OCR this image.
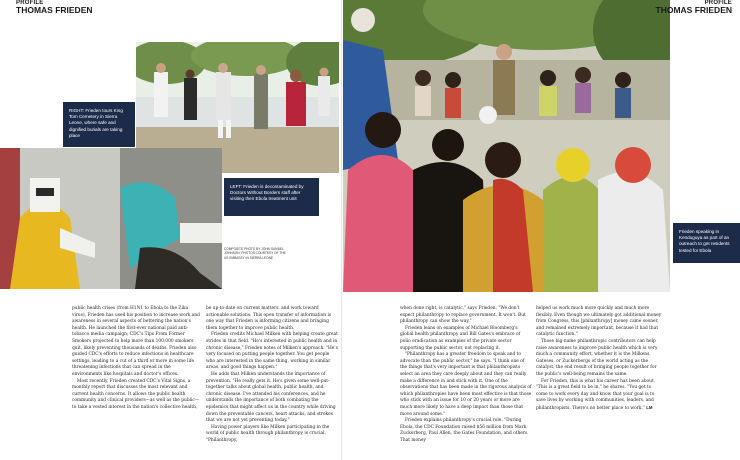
PROFILE
THOMAS FRIEDEN
RIGHT: Frieden tours King Tom Cemetery in Sierra Leone, where safe and dignified burials are taking place
LEFT: Frieden is decontaminated by Doctors Without Borders staff after visiting their Ebola treatment unit
COMPOSITE PHOTO BY JOHN SAMUEL JOHNSON; PHOTOS COURTESY OF THE US EMBASSY IN SIERRA LEONE

public health crises (from H1N1 to Ebola to the Zika virus), Frieden has used his position to increase work and awareness in several aspects of bettering the nation's health. He launched the first-ever national paid anti-tobacco media campaign; CDC's Tips From Former Smokers projected to help more than 100,000 smokers quit, likely preventing thousands of deaths. Frieden also guided CDC's efforts to reduce infections in healthcare settings, leading to a cut of a third or more in some life threatening infections that can spread in the environments like hospitals and doctor's offices.

Most recently, Frieden created CDC's Vital Signs, a monthly report that discusses the most relevant and current health concerns. It allows the public health community and clinical providers—as well as the public—to take a vested interest in the nation's collective health,

be up-to-date on current matters, and work toward actionable solutions. This open transfer of information is one way that Frieden is informing citizens and bringing them together to improve public health.

Frieden credits Michael Milken with helping create great strides in that field. "He's interested in public health and in chronic disease," Frieden notes of Milken's approach. "He's very focused on putting people together. You get people who are interested in the same thing, working in similar areas, and good things happen."

He adds that Milken understands the importance of prevention. "He really gets it. He's given some well-put-together talks about global health, public health, and chronic disease. I've attended his conferences, and he understands the importance of both combating the epidemics that might affect us in the country while driving down the preventable cancers, heart attacks, and strokes that we are not yet preventing today."

Having power players like Milken participating in the world of public health through philanthropy is crucial. "Philanthropy,

PROFILE
THOMAS FRIEDEN
Frieden speaking in Kenduguya as part of an outreach to get residents tested for Ebola

when done right, is catalytic," says Frieden. "We don't expect philanthropy to replace government. It won't. But philanthropy can show the way."

Frieden leans on examples of Michael Bloomberg's global health philanthropy and Bill Gates's embrace of polio eradication as examples of the private sector supporting the public sector, not replacing it.

"Philanthropy has a greater freedom to speak and to advocate than the public sector," he says. "I think one of the things that's very important is that philanthropists select an area they care deeply about and they can really make a difference in and stick with it. One of the observations that has been made in the rigorous analysis of which philanthropies have been most effective is that those who stick with an issue for 10 or 20 years or more are much more likely to have a deep impact than those that move around some."

Frieden explains philanthropy's crucial role. "During Ebola, the CDC Foundation raised $56 million from Mark Zuckerberg, Paul Allen, the Gates Foundation, and others. That money

helped us work much more quickly and much more flexibly. Even though we ultimately got additional money from Congress, this [philanthropy] money came sooner, and remained extremely important, because it had that catalytic function."

Those big-name philanthropic contributors can help raise awareness to improve public health which is very much a community effort, whether it is the Milkens, Gateses, or Zuckerbergs of the world acting as the catalyst, the end result of bringing people together for the public's well-being remains the same.

For Frieden, this is what his career has been about. "This is a great field to be in," he shares. "You get to come to work every day and know that your goal is to save lives by working with communities, leaders, and philanthropists. There's no better place to work." LM
